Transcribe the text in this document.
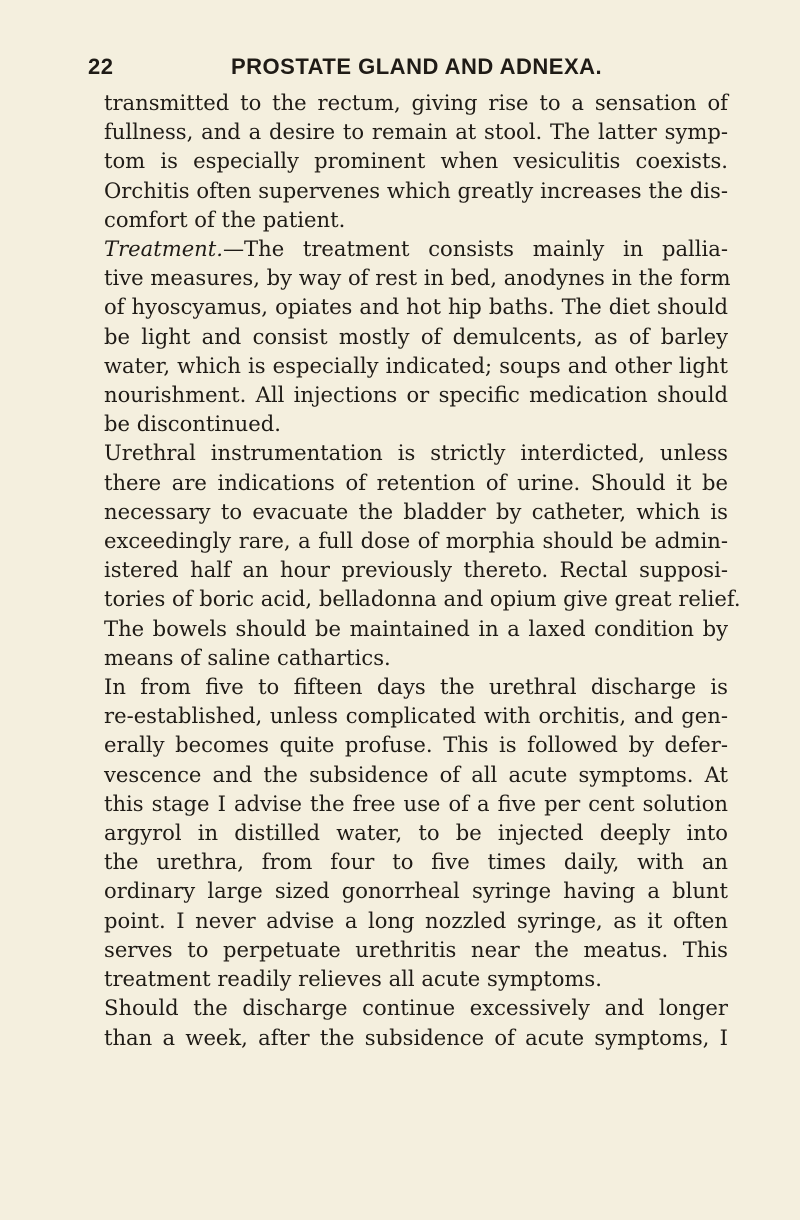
22	PROSTATE GLAND AND ADNEXA.
transmitted to the rectum, giving rise to a sensation of
fullness, and a desire to remain at stool. The latter symp-
tom is especially prominent when vesiculitis coexists.
Orchitis often supervenes which greatly increases the dis-
comfort of the patient.
Treatment.—The treatment consists mainly in pallia-
tive measures, by way of rest in bed, anodynes in the form
of hyoscyamus, opiates and hot hip baths. The diet should
be light and consist mostly of demulcents, as of barley
water, which is especially indicated; soups and other light
nourishment. All injections or specific medication should
be discontinued.
Urethral instrumentation is strictly interdicted, unless
there are indications of retention of urine. Should it be
necessary to evacuate the bladder by catheter, which is
exceedingly rare, a full dose of morphia should be admin-
istered half an hour previously thereto. Rectal supposi-
tories of boric acid, belladonna and opium give great relief.
The bowels should be maintained in a laxed condition by
means of saline cathartics.
In from five to fifteen days the urethral discharge is
re-established, unless complicated with orchitis, and gen-
erally becomes quite profuse. This is followed by defer-
vescence and the subsidence of all acute symptoms. At
this stage I advise the free use of a five per cent solution
argyrol in distilled water, to be injected deeply into
the urethra, from four to five times daily, with an
ordinary large sized gonorrheal syringe having a blunt
point. I never advise a long nozzled syringe, as it often
serves to perpetuate urethritis near the meatus. This
treatment readily relieves all acute symptoms.
Should the discharge continue excessively and longer
than a week, after the subsidence of acute symptoms, I
